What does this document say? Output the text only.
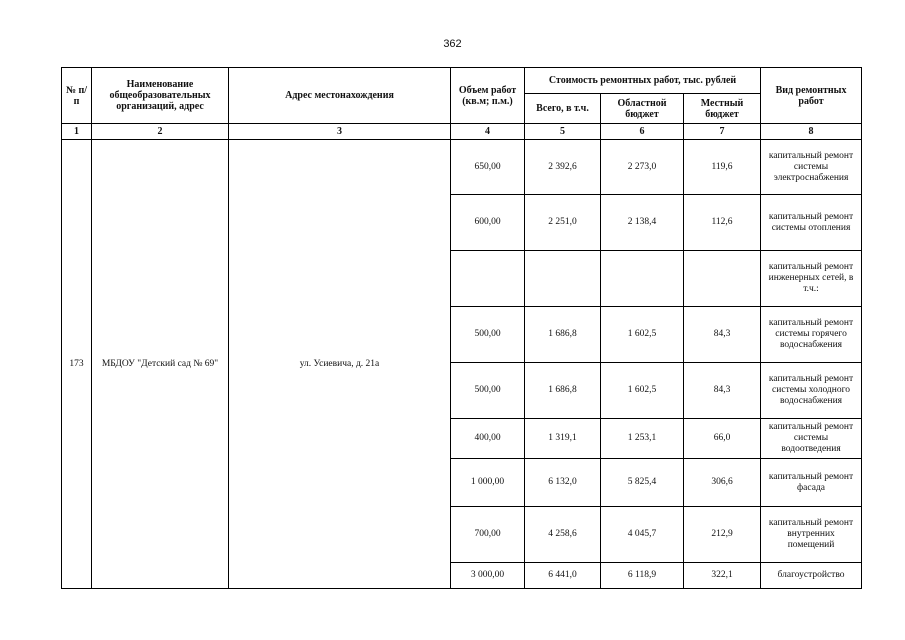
362
№ п/п	Наименование общеобразовательных организаций, адрес	Адрес местонахождения	Объем работ (кв.м; п.м.)	Стоимость ремонтных работ, тыс. рублей			Вид ремонтных работ
				Всего, в т.ч.	Областной бюджет	Местный бюджет	
1	2	3	4	5	6	7	8
173	МБДОУ "Детский сад № 69"	ул. Усиевича, д. 21а	650,00	2 392,6	2 273,0	119,6	капитальный ремонт системы электроснабжения
			600,00	2 251,0	2 138,4	112,6	капитальный ремонт системы отопления
							капитальный ремонт инженерных сетей, в т.ч.:
			500,00	1 686,8	1 602,5	84,3	капитальный ремонт системы горячего водоснабжения
			500,00	1 686,8	1 602,5	84,3	капитальный ремонт системы холодного водоснабжения
			400,00	1 319,1	1 253,1	66,0	капитальный ремонт системы водоотведения
			1 000,00	6 132,0	5 825,4	306,6	капитальный ремонт фасада
			700,00	4 258,6	4 045,7	212,9	капитальный ремонт внутренних помещений
			3 000,00	6 441,0	6 118,9	322,1	благоустройство
